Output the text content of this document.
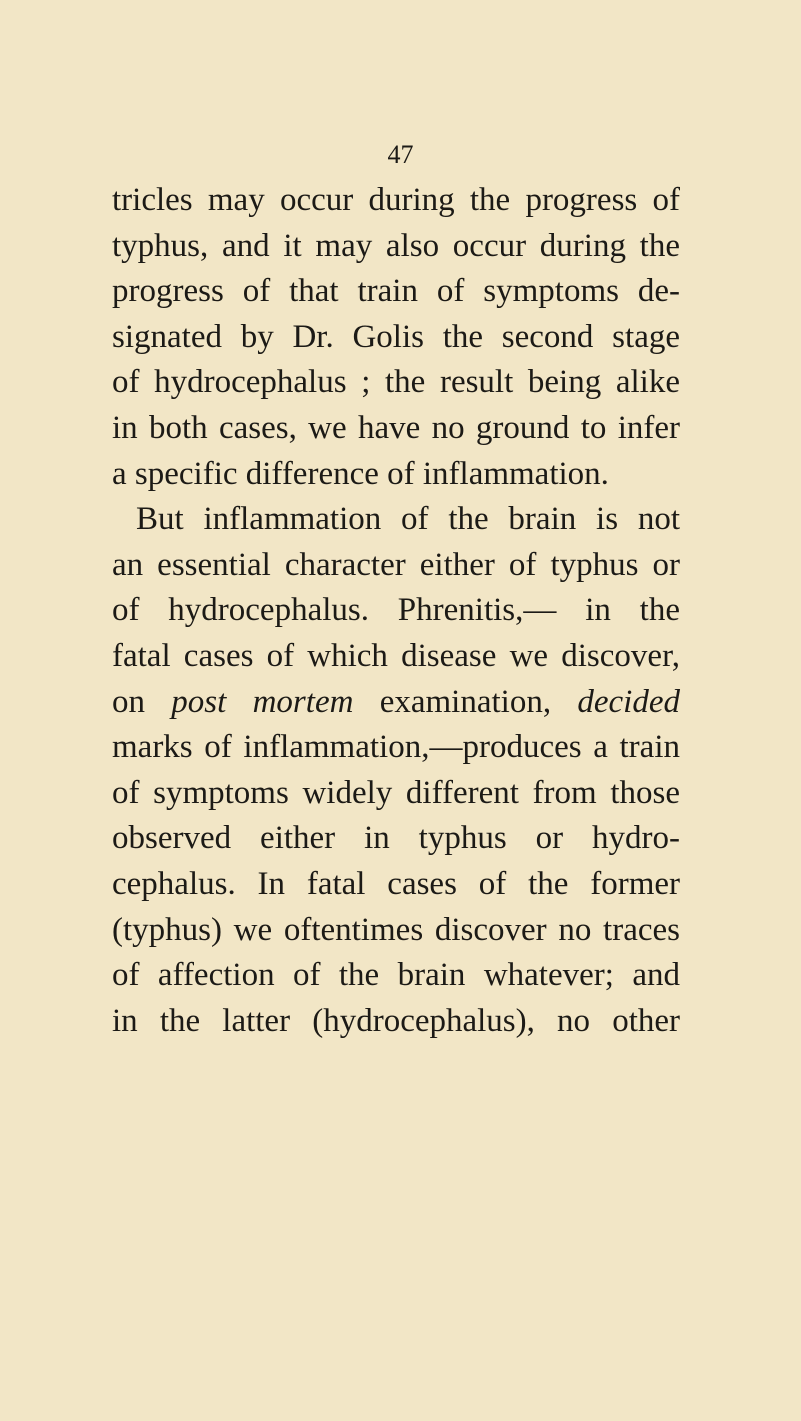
47
tricles may occur during the progress of
typhus, and it may also occur during the
progress of that train of symptoms de-
signated by Dr. Golis the second stage
of hydrocephalus ; the result being alike
in both cases, we have no ground to infer
a specific difference of inflammation.
But inflammation of the brain is not
an essential character either of typhus or
of hydrocephalus. Phrenitis,— in the
fatal cases of which disease we discover,
on post mortem examination, decided
marks of inflammation,—produces a train
of symptoms widely different from those
observed either in typhus or hydro-
cephalus. In fatal cases of the former
(typhus) we oftentimes discover no traces
of affection of the brain whatever; and
in the latter (hydrocephalus), no other
